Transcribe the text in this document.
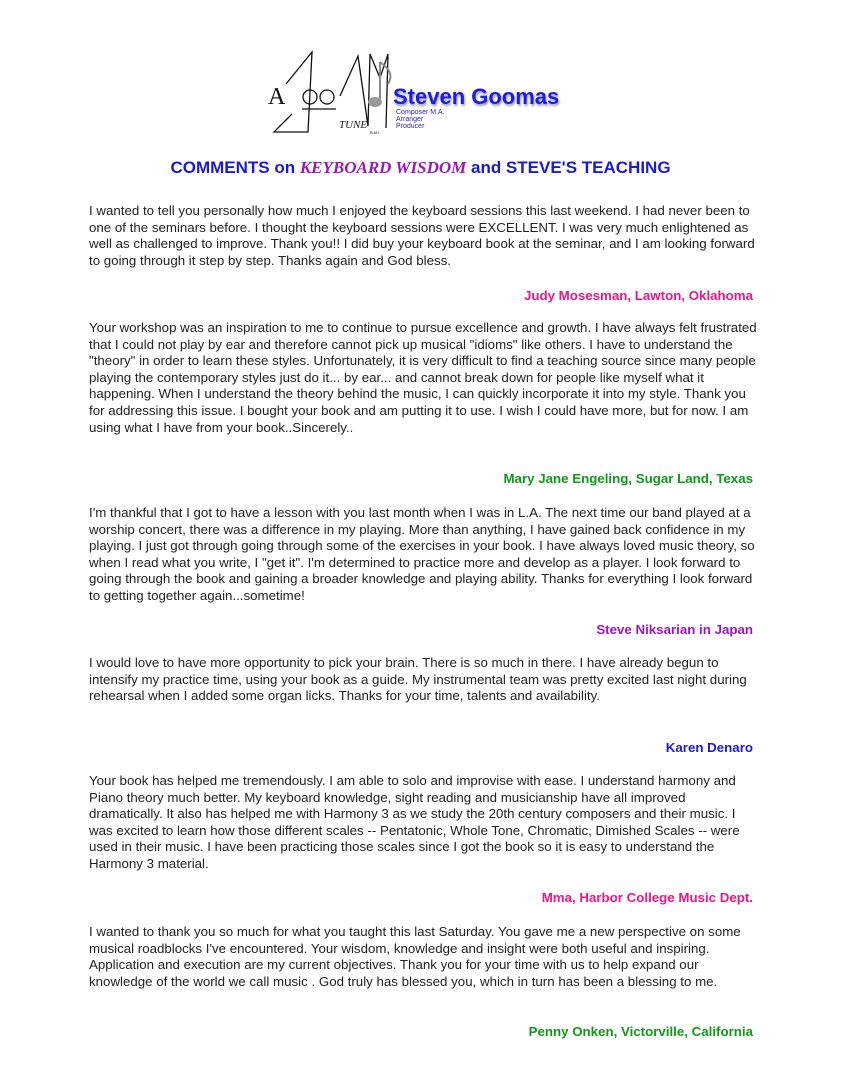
A
TUNE
B.M.I.
Steven Goomas
Composer M.A.
Arranger
Producer
COMMENTS on KEYBOARD WISDOM and STEVE'S TEACHING

I wanted to tell you personally how much I enjoyed the keyboard sessions this last weekend. I had never been to one of the seminars before. I thought the keyboard sessions were EXCELLENT. I was very much enlightened as well as challenged to improve. Thank you!! I did buy your keyboard book at the seminar, and I am looking forward to going through it step by step. Thanks again and God bless.

Judy Mosesman, Lawton, Oklahoma

Your workshop was an inspiration to me to continue to pursue excellence and growth. I have always felt frustrated that I could not play by ear and therefore cannot pick up musical "idioms" like others. I have to understand the "theory" in order to learn these styles. Unfortunately, it is very difficult to find a teaching source since many people playing the contemporary styles just do it... by ear... and cannot break down for people like myself what it happening. When I understand the theory behind the music, I can quickly incorporate it into my style. Thank you for addressing this issue. I bought your book and am putting it to use. I wish I could have more, but for now. I am using what I have from your book..Sincerely..

Mary Jane Engeling, Sugar Land, Texas

I'm thankful that I got to have a lesson with you last month when I was in L.A. The next time our band played at a worship concert, there was a difference in my playing. More than anything, I have gained back confidence in my playing. I just got through going through some of the exercises in your book. I have always loved music theory, so when I read what you write, I "get it". I'm determined to practice more and develop as a player. I look forward to going through the book and gaining a broader knowledge and playing ability. Thanks for everything I look forward to getting together again...sometime!

Steve Niksarian in Japan

I would love to have more opportunity to pick your brain. There is so much in there. I have already begun to intensify my practice time, using your book as a guide. My instrumental team was pretty excited last night during rehearsal when I added some organ licks. Thanks for your time, talents and availability.

Karen Denaro

Your book has helped me tremendously. I am able to solo and improvise with ease. I understand harmony and Piano theory much better. My keyboard knowledge, sight reading and musicianship have all improved dramatically. It also has helped me with Harmony 3 as we study the 20th century composers and their music. I was excited to learn how those different scales -- Pentatonic, Whole Tone, Chromatic, Dimished Scales -- were used in their music. I have been practicing those scales since I got the book so it is easy to understand the Harmony 3 material.

Mma, Harbor College Music Dept.

I wanted to thank you so much for what you taught this last Saturday. You gave me a new perspective on some musical roadblocks I've encountered. Your wisdom, knowledge and insight were both useful and inspiring. Application and execution are my current objectives. Thank you for your time with us to help expand our knowledge of the world we call music . God truly has blessed you, which in turn has been a blessing to me.

Penny Onken, Victorville, California
